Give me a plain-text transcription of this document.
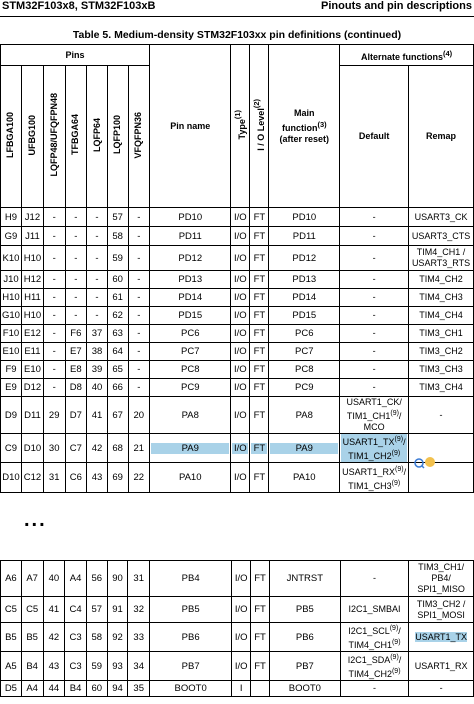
STM32F103x8, STM32F103xB	Pinouts and pin descriptions
Table 5. Medium-density STM32F103xx pin definitions (continued)
Pins							Pin name	Type$^{(1)}$	I / O Level$^{(2)}$	Main
function$^{(3)}$
(after reset)	Alternate functions$^{(4)}$
LFBGA100	UFBG100	LQFP48/UFQFPN48	TFBGA64	LQFP64	LQFP100	VFQFPN36					Default	Remap
H9	J12	-	-	-	57	-	PD10	I/O	FT	PD10	-	USART3_CK
G9	J11	-	-	-	58	-	PD11	I/O	FT	PD11	-	USART3_CTS
K10	H10	-	-	-	59	-	PD12	I/O	FT	PD12	-	TIM4_CH1 /
USART3_RTS
J10	H12	-	-	-	60	-	PD13	I/O	FT	PD13	-	TIM4_CH2
H10	H11	-	-	-	61	-	PD14	I/O	FT	PD14	-	TIM4_CH3
G10	H10	-	-	-	62	-	PD15	I/O	FT	PD15	-	TIM4_CH4
F10	E12	-	F6	37	63	-	PC6	I/O	FT	PC6	-	TIM3_CH1
E10	E11	-	E7	38	64	-	PC7	I/O	FT	PC7	-	TIM3_CH2
F9	E10	-	E8	39	65	-	PC8	I/O	FT	PC8	-	TIM3_CH3
E9	D12	-	D8	40	66	-	PC9	I/O	FT	PC9	-	TIM3_CH4
D9	D11	29	D7	41	67	20	PA8	I/O	FT	PA8	USART1_CK/
TIM1_CH1$^{(9)}$/
MCO	-
C9	D10	30	C7	42	68	21	PA9	I/O	FT	PA9	USART1_TX$^{(9)}$/
TIM1_CH2$^{(9)}$	
D10	C12	31	C6	43	69	22	PA10	I/O	FT	PA10	USART1_RX$^{(9)}$/
TIM1_CH3$^{(9)}$	
...
A6	A7	40	A4	56	90	31	PB4	I/O	FT	JNTRST	-	TIM3_CH1/
PB4/
SPI1_MISO
C5	C5	41	C4	57	91	32	PB5	I/O	FT	PB5	I2C1_SMBAI	TIM3_CH2 /
SPI1_MOSI
B5	B5	42	C3	58	92	33	PB6	I/O	FT	PB6	I2C1_SCL$^{(9)}$/
TIM4_CH1$^{(9)}$	USART1_TX
A5	B4	43	C3	59	93	34	PB7	I/O	FT	PB7	I2C1_SDA$^{(9)}$/
TIM4_CH2$^{(9)}$	USART1_RX
D5	A4	44	B4	60	94	35	BOOT0	I		BOOT0	-	-
